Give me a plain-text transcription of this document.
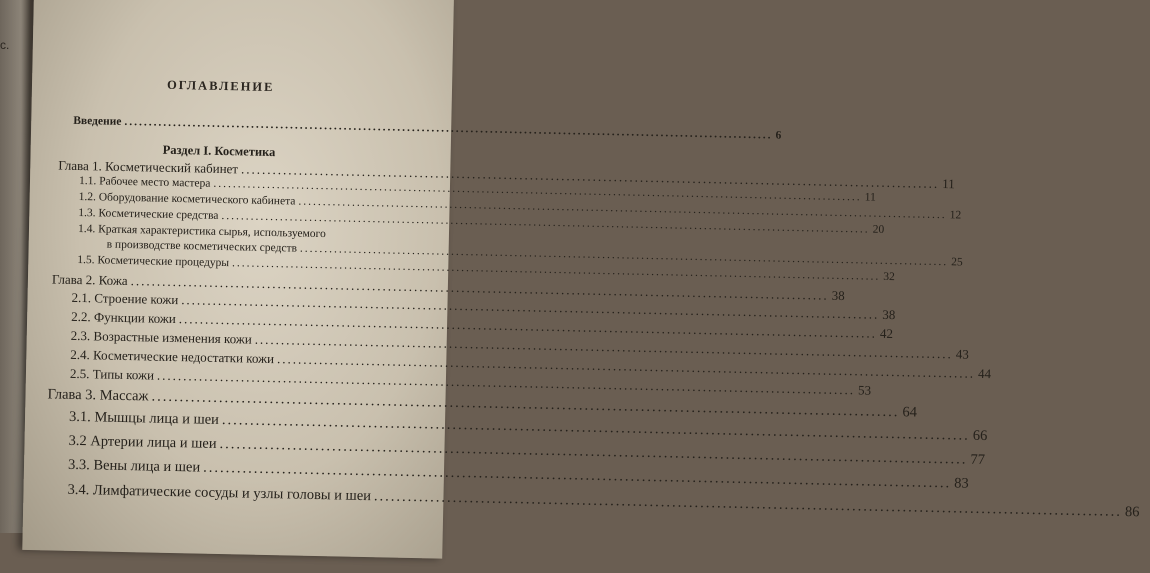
c.
ОГЛАВЛЕНИЕ
Введение
.....
6
Раздел I. Косметика
Глава 1. Косметический кабинет
.....
11
1.1. Рабочее место мастера
.....
11
1.2. Оборудование косметического кабинета
.....
12
1.3. Косметические средства
.....
20
1.4. Краткая характеристика сырья, используемого
в производстве косметических средств
.....
25
1.5. Косметические процедуры
.....
32
Глава 2. Кожа
.....
38
2.1. Строение кожи
.....
38
2.2. Функции кожи
.....
42
2.3. Возрастные изменения кожи
.....
43
2.4. Косметические недостатки кожи
.....
44
2.5. Типы кожи
.....
53
Глава 3. Массаж
.....
64
3.1. Мышцы лица и шеи
.....
66
3.2 Артерии лица и шеи
.....
77
3.3. Вены лица и шеи
.....
83
3.4. Лимфатические сосуды и узлы головы и шеи
.....
86
